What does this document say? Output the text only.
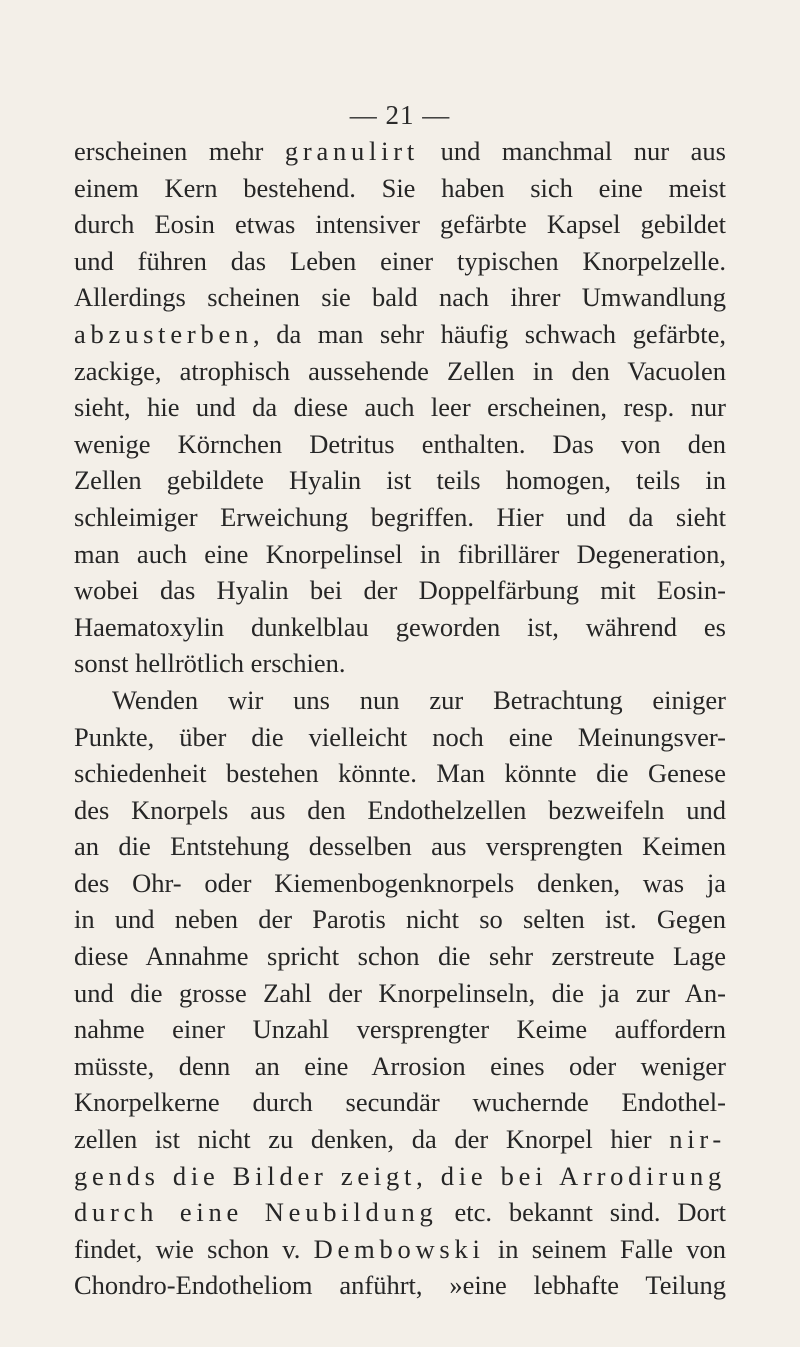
— 21 —
erscheinen mehr granulirt und manchmal nur aus
einem Kern bestehend. Sie haben sich eine meist
durch Eosin etwas intensiver gefärbte Kapsel gebildet
und führen das Leben einer typischen Knorpelzelle.
Allerdings scheinen sie bald nach ihrer Umwandlung
abzusterben, da man sehr häufig schwach gefärbte,
zackige, atrophisch aussehende Zellen in den Vacuolen
sieht, hie und da diese auch leer erscheinen, resp. nur
wenige Körnchen Detritus enthalten. Das von den
Zellen gebildete Hyalin ist teils homogen, teils in
schleimiger Erweichung begriffen. Hier und da sieht
man auch eine Knorpelinsel in fibrillärer Degeneration,
wobei das Hyalin bei der Doppelfärbung mit Eosin-
Haematoxylin dunkelblau geworden ist, während es
sonst hellrötlich erschien.
Wenden wir uns nun zur Betrachtung einiger
Punkte, über die vielleicht noch eine Meinungsver-
schiedenheit bestehen könnte. Man könnte die Genese
des Knorpels aus den Endothelzellen bezweifeln und
an die Entstehung desselben aus versprengten Keimen
des Ohr- oder Kiemenbogenknorpels denken, was ja
in und neben der Parotis nicht so selten ist. Gegen
diese Annahme spricht schon die sehr zerstreute Lage
und die grosse Zahl der Knorpelinseln, die ja zur An-
nahme einer Unzahl versprengter Keime auffordern
müsste, denn an eine Arrosion eines oder weniger
Knorpelkerne durch secundär wuchernde Endothel-
zellen ist nicht zu denken, da der Knorpel hier nir-
gends die Bilder zeigt, die bei Arrodirung
durch eine Neubildung etc. bekannt sind. Dort
findet, wie schon v. Dembowski in seinem Falle von
Chondro-Endotheliom anführt, »eine lebhafte Teilung
